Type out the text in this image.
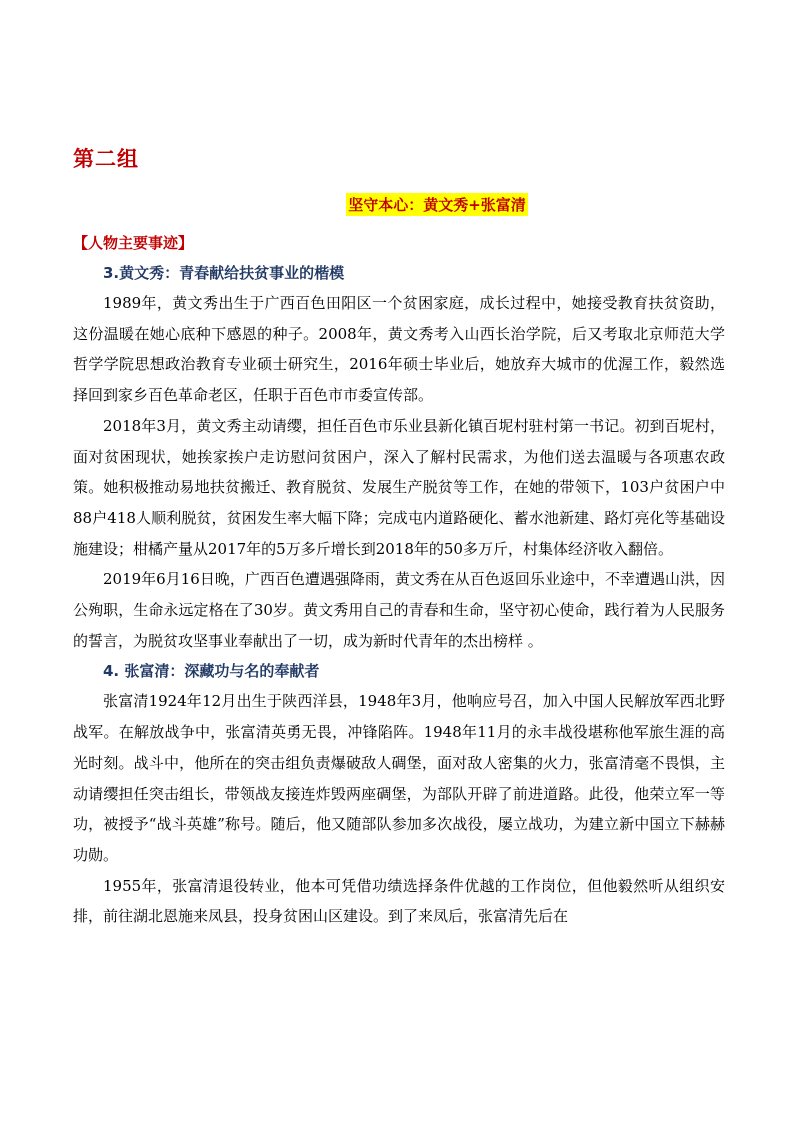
第二组
坚守本心：黄文秀+张富清
【人物主要事迹】

3.黄文秀：青春献给扶贫事业的楷模

1989年，黄文秀出生于广西百色田阳区一个贫困家庭，成长过程中，她接受教育扶贫资助，这份温暖在她心底种下感恩的种子。2008年，黄文秀考入山西长治学院，后又考取北京师范大学哲学学院思想政治教育专业硕士研究生，2016年硕士毕业后，她放弃大城市的优渥工作，毅然选择回到家乡百色革命老区，任职于百色市市委宣传部。

2018年3月，黄文秀主动请缨，担任百色市乐业县新化镇百坭村驻村第一书记。初到百坭村，面对贫困现状，她挨家挨户走访慰问贫困户，深入了解村民需求，为他们送去温暖与各项惠农政策。她积极推动易地扶贫搬迁、教育脱贫、发展生产脱贫等工作，在她的带领下，103户贫困户中88户418人顺利脱贫，贫困发生率大幅下降；完成屯内道路硬化、蓄水池新建、路灯亮化等基础设施建设；柑橘产量从2017年的5万多斤增长到2018年的50多万斤，村集体经济收入翻倍。

2019年6月16日晚，广西百色遭遇强降雨，黄文秀在从百色返回乐业途中，不幸遭遇山洪，因公殉职，生命永远定格在了30岁。黄文秀用自己的青春和生命，坚守初心使命，践行着为人民服务的誓言，为脱贫攻坚事业奉献出了一切，成为新时代青年的杰出榜样 。

4. 张富清：深藏功与名的奉献者

张富清1924年12月出生于陕西洋县，1948年3月，他响应号召，加入中国人民解放军西北野战军。在解放战争中，张富清英勇无畏，冲锋陷阵。1948年11月的永丰战役堪称他军旅生涯的高光时刻。战斗中，他所在的突击组负责爆破敌人碉堡，面对敌人密集的火力，张富清毫不畏惧，主动请缨担任突击组长，带领战友接连炸毁两座碉堡，为部队开辟了前进道路。此役，他荣立军一等功，被授予“战斗英雄”称号。随后，他又随部队参加多次战役，屡立战功，为建立新中国立下赫赫功勋。

1955年，张富清退役转业，他本可凭借功绩选择条件优越的工作岗位，但他毅然听从组织安排，前往湖北恩施来凤县，投身贫困山区建设。到了来凤后，张富清先后在
